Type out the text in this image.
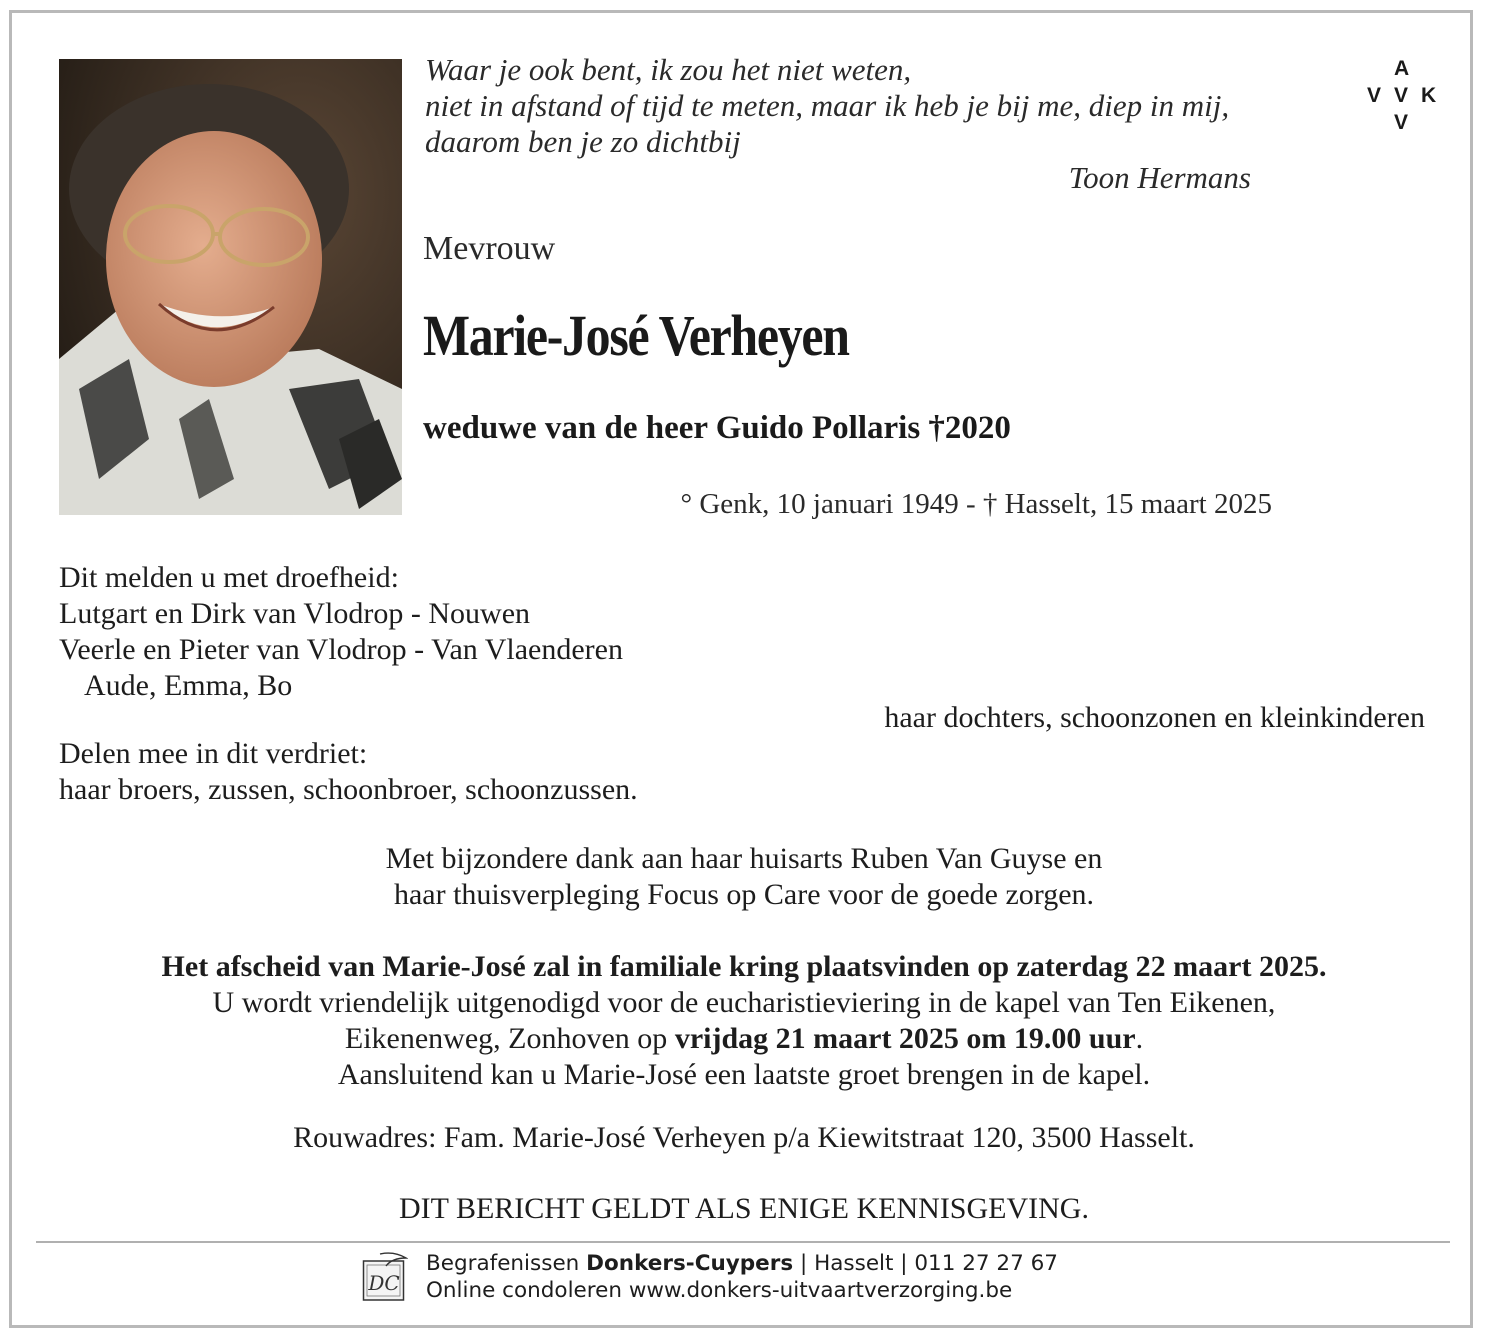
Waar je ook bent, ik zou het niet weten,
niet in afstand of tijd te meten, maar ik heb je bij me, diep in mij,
daarom ben je zo dichtbij
Toon Hermans
A
V V K
V
Mevrouw
Marie-José Verheyen
weduwe van de heer Guido Pollaris †2020
° Genk, 10 januari 1949 - † Hasselt, 15 maart 2025
Dit melden u met droefheid:
Lutgart en Dirk van Vlodrop - Nouwen
Veerle en Pieter van Vlodrop - Van Vlaenderen
Aude, Emma, Bo
haar dochters, schoonzonen en kleinkinderen
Delen mee in dit verdriet:
haar broers, zussen, schoonbroer, schoonzussen.
Met bijzondere dank aan haar huisarts Ruben Van Guyse en
haar thuisverpleging Focus op Care voor de goede zorgen.
Het afscheid van Marie-José zal in familiale kring plaatsvinden op zaterdag 22 maart 2025.
U wordt vriendelijk uitgenodigd voor de eucharistieviering in de kapel van Ten Eikenen,
Eikenenweg, Zonhoven op vrijdag 21 maart 2025 om 19.00 uur.
Aansluitend kan u Marie-José een laatste groet brengen in de kapel.
Rouwadres: Fam. Marie-José Verheyen p/a Kiewitstraat 120, 3500 Hasselt.
DIT BERICHT GELDT ALS ENIGE KENNISGEVING.
DC
Begrafenissen Donkers-Cuypers | Hasselt | 011 27 27 67
Online condoleren www.donkers-uitvaartverzorging.be
